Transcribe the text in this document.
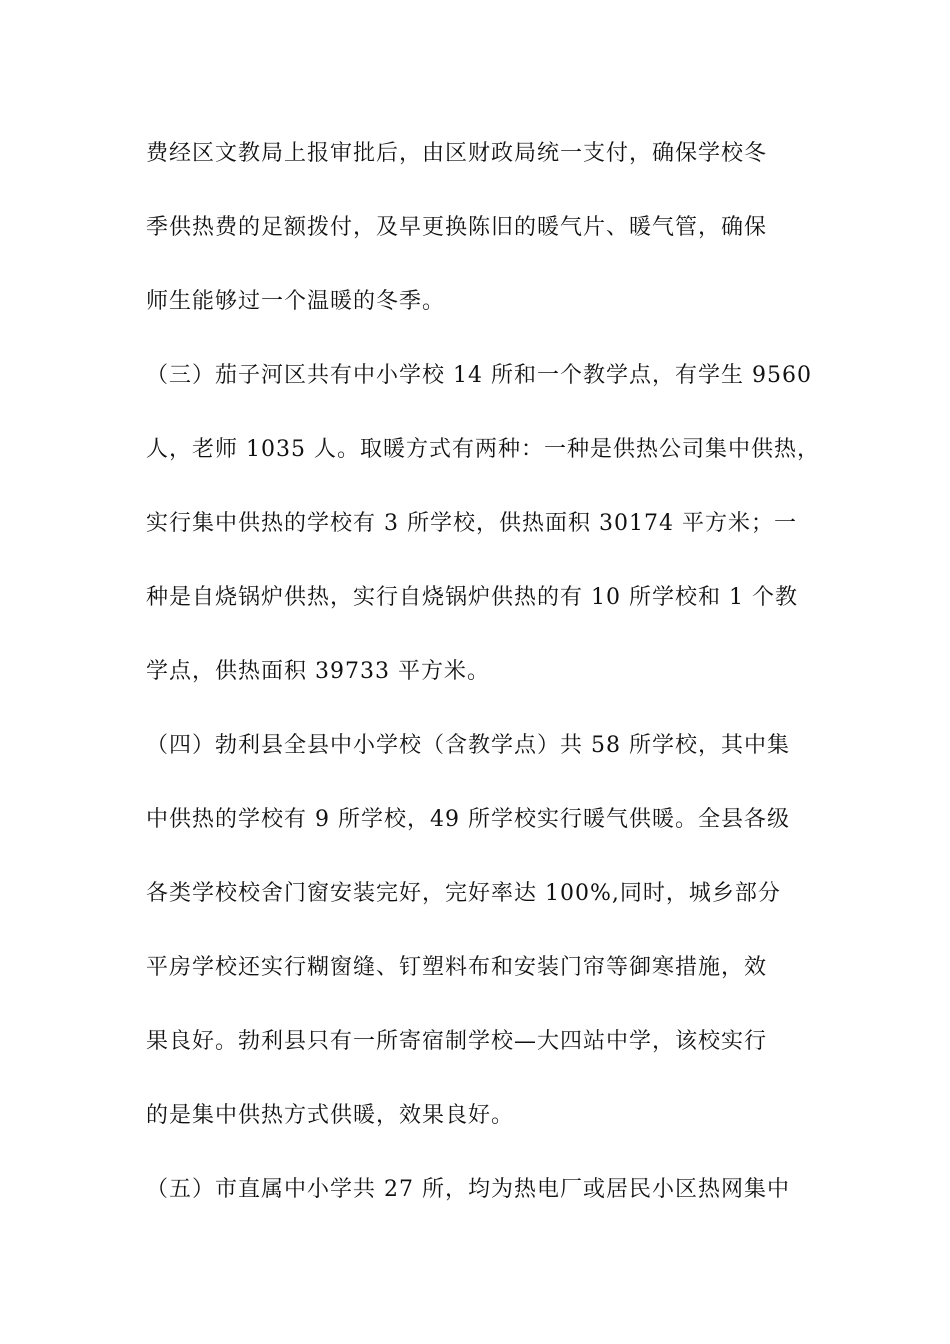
费经区文教局上报审批后，由区财政局统一支付，确保学校冬
季供热费的足额拨付，及早更换陈旧的暖气片、暖气管，确保
师生能够过一个温暖的冬季。
（三）茄子河区共有中小学校 14 所和一个教学点，有学生 9560
人，老师 1035 人。取暖方式有两种：一种是供热公司集中供热，
实行集中供热的学校有 3 所学校，供热面积 30174 平方米；一
种是自烧锅炉供热，实行自烧锅炉供热的有 10 所学校和 1 个教
学点，供热面积 39733 平方米。
（四）勃利县全县中小学校（含教学点）共 58 所学校，其中集
中供热的学校有 9 所学校，49 所学校实行暖气供暖。全县各级
各类学校校舍门窗安装完好，完好率达 100%,同时，城乡部分
平房学校还实行糊窗缝、钉塑料布和安装门帘等御寒措施，效
果良好。勃利县只有一所寄宿制学校—大四站中学，该校实行
的是集中供热方式供暖，效果良好。
（五）市直属中小学共 27 所，均为热电厂或居民小区热网集中
